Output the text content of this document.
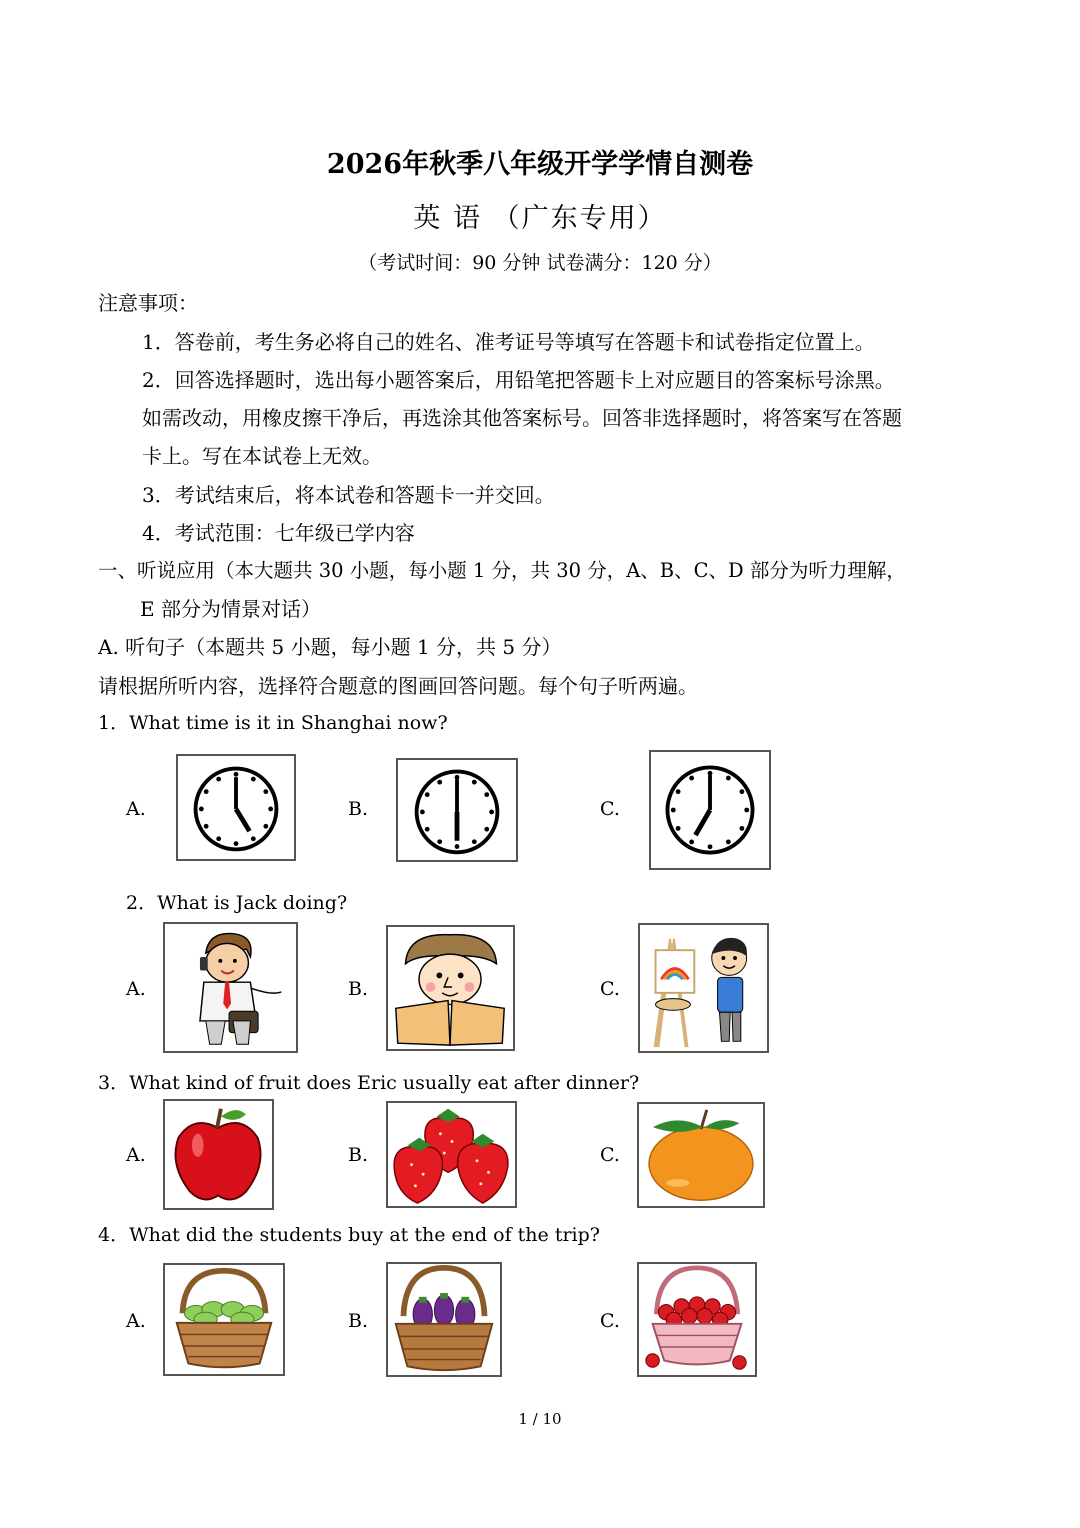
2026年秋季八年级开学学情自测卷
英 语 （广东专用）
（考试时间：90 分钟 试卷满分：120 分）
注意事项：
1．答卷前，考生务必将自己的姓名、准考证号等填写在答题卡和试卷指定位置上。
2．回答选择题时，选出每小题答案后，用铅笔把答题卡上对应题目的答案标号涂黑。
如需改动，用橡皮擦干净后，再选涂其他答案标号。回答非选择题时，将答案写在答题
卡上。写在本试卷上无效。
3．考试结束后，将本试卷和答题卡一并交回。
4．考试范围：七年级已学内容
一、听说应用（本大题共 30 小题，每小题 1 分，共 30 分，A、B、C、D 部分为听力理解，
E 部分为情景对话）
A. 听句子（本题共 5 小题，每小题 1 分，共 5 分）
请根据所听内容，选择符合题意的图画回答问题。每个句子听两遍。
1．What time is it in Shanghai now?
A.	B.	C.
2．What is Jack doing?
A.	B.	C.
3．What kind of fruit does Eric usually eat after dinner?
A.	B.	C.
4．What did the students buy at the end of the trip?
A.	B.	C.
1 / 10
